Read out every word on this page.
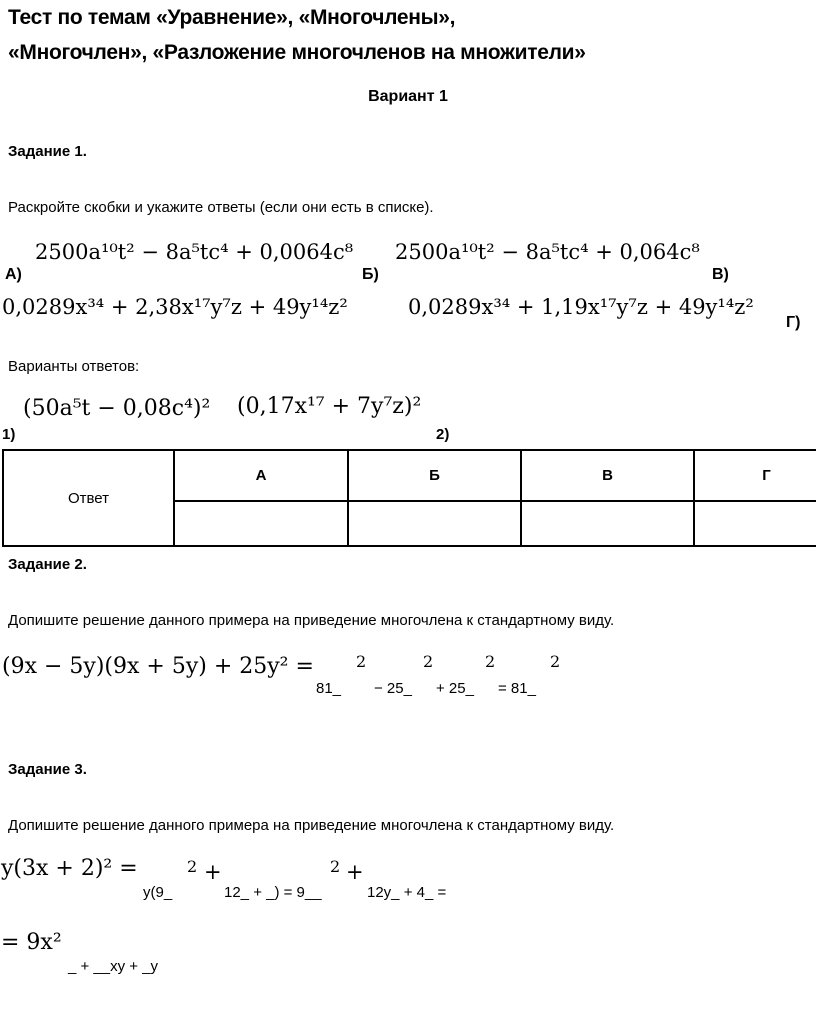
Тест по темам «Уравнение», «Многочлены»,
«Многочлен», «Разложение многочленов на множители»
Вариант 1
Задание 1.
Раскройте скобки и укажите ответы (если они есть в списке).
2500a¹⁰t² − 8a⁵tc⁴ + 0,0064c⁸
А)
2500a¹⁰t² − 8a⁵tc⁴ + 0,064c⁸
Б)	В)
0,0289x³⁴ + 2,38x¹⁷y⁷z + 49y¹⁴z²	0,0289x³⁴ + 1,19x¹⁷y⁷z + 49y¹⁴z²
Г)
Варианты ответов:
1)
(50a⁵t − 0,08c⁴)² (0,17x¹⁷ + 7y⁷z)²
2)
Ответ	А	Б	В	Г

Задание 2.
Допишите решение данного примера на приведение многочлена к стандартному виду.
(9x − 5y)(9x + 5y) + 25y² =
81_
2
− 25_
2
+ 25_
2
= 81_
2
Задание 3.
Допишите решение данного примера на приведение многочлена к стандартному виду.
y(3x + 2)² =
y(9_
2 +
12_ + _) = 9__
2 +
12y_ + 4_ =
= 9x²
_ + __xy + _y
